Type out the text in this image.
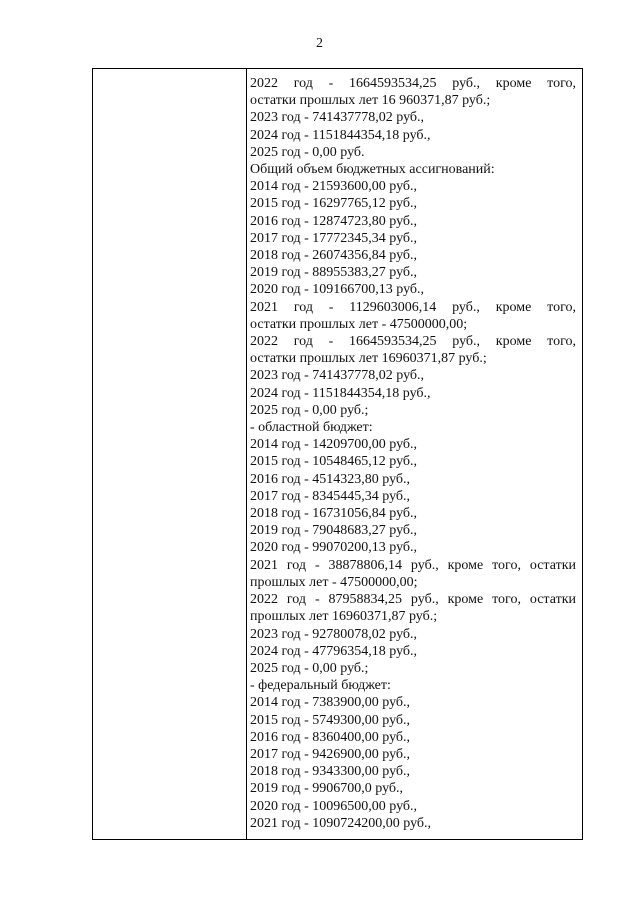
2
2022 год - 1664593534,25 руб., кроме того,
остатки прошлых лет 16 960371,87 руб.;
2023 год - 741437778,02 руб.,
2024 год - 1151844354,18 руб.,
2025 год - 0,00 руб.
Общий объем бюджетных ассигнований:
2014 год - 21593600,00 руб.,
2015 год - 16297765,12 руб.,
2016 год - 12874723,80 руб.,
2017 год - 17772345,34 руб.,
2018 год - 26074356,84 руб.,
2019 год - 88955383,27 руб.,
2020 год - 109166700,13 руб.,
2021 год - 1129603006,14 руб., кроме того,
остатки прошлых лет - 47500000,00;
2022 год - 1664593534,25 руб., кроме того,
остатки прошлых лет 16960371,87 руб.;
2023 год - 741437778,02 руб.,
2024 год - 1151844354,18 руб.,
2025 год - 0,00 руб.;
- областной бюджет:
2014 год - 14209700,00 руб.,
2015 год - 10548465,12 руб.,
2016 год - 4514323,80 руб.,
2017 год - 8345445,34 руб.,
2018 год - 16731056,84 руб.,
2019 год - 79048683,27 руб.,
2020 год - 99070200,13 руб.,
2021 год - 38878806,14 руб., кроме того, остатки
прошлых лет - 47500000,00;
2022 год - 87958834,25 руб., кроме того, остатки
прошлых лет 16960371,87 руб.;
2023 год - 92780078,02 руб.,
2024 год - 47796354,18 руб.,
2025 год - 0,00 руб.;
- федеральный бюджет:
2014 год - 7383900,00 руб.,
2015 год - 5749300,00 руб.,
2016 год - 8360400,00 руб.,
2017 год - 9426900,00 руб.,
2018 год - 9343300,00 руб.,
2019 год - 9906700,0 руб.,
2020 год - 10096500,00 руб.,
2021 год - 1090724200,00 руб.,
